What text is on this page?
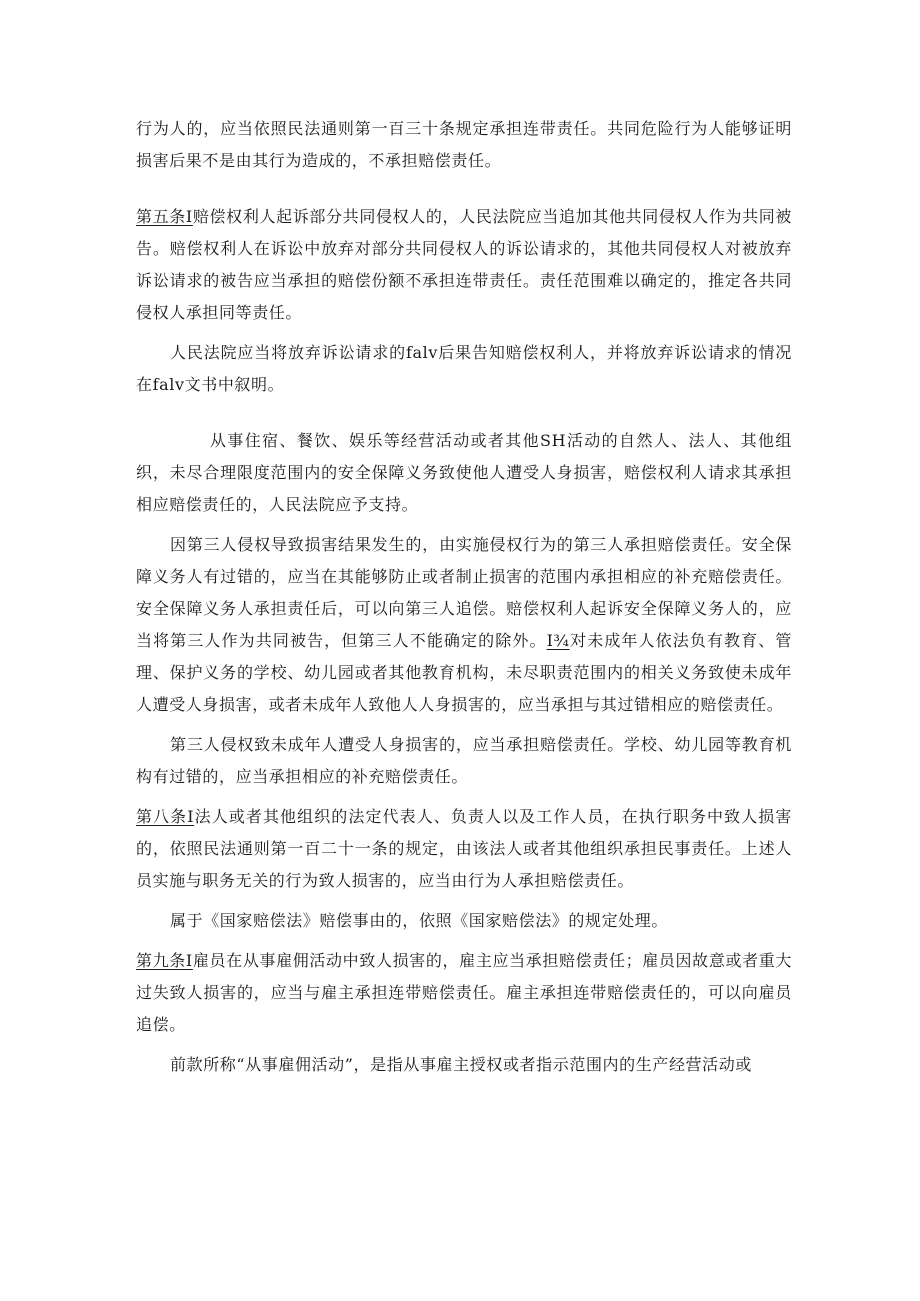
行为人的，应当依照民法通则第一百三十条规定承担连带责任。共同危险行为人能够证明损害后果不是由其行为造成的，不承担赔偿责任。

第五条I赔偿权利人起诉部分共同侵权人的，人民法院应当追加其他共同侵权人作为共同被告。赔偿权利人在诉讼中放弃对部分共同侵权人的诉讼请求的，其他共同侵权人对被放弃诉讼请求的被告应当承担的赔偿份额不承担连带责任。责任范围难以确定的，推定各共同侵权人承担同等责任。

人民法院应当将放弃诉讼请求的falv后果告知赔偿权利人，并将放弃诉讼请求的情况在falv文书中叙明。

从事住宿、餐饮、娱乐等经营活动或者其他SH活动的自然人、法人、其他组织，未尽合理限度范围内的安全保障义务致使他人遭受人身损害，赔偿权利人请求其承担相应赔偿责任的，人民法院应予支持。

因第三人侵权导致损害结果发生的，由实施侵权行为的第三人承担赔偿责任。安全保障义务人有过错的，应当在其能够防止或者制止损害的范围内承担相应的补充赔偿责任。安全保障义务人承担责任后，可以向第三人追偿。赔偿权利人起诉安全保障义务人的，应当将第三人作为共同被告，但第三人不能确定的除外。I¾对未成年人依法负有教育、管理、保护义务的学校、幼儿园或者其他教育机构，未尽职责范围内的相关义务致使未成年人遭受人身损害，或者未成年人致他人人身损害的，应当承担与其过错相应的赔偿责任。

第三人侵权致未成年人遭受人身损害的，应当承担赔偿责任。学校、幼儿园等教育机构有过错的，应当承担相应的补充赔偿责任。

第八条I法人或者其他组织的法定代表人、负责人以及工作人员，在执行职务中致人损害的，依照民法通则第一百二十一条的规定，由该法人或者其他组织承担民事责任。上述人员实施与职务无关的行为致人损害的，应当由行为人承担赔偿责任。

属于《国家赔偿法》赔偿事由的，依照《国家赔偿法》的规定处理。

第九条I雇员在从事雇佣活动中致人损害的，雇主应当承担赔偿责任；雇员因故意或者重大过失致人损害的，应当与雇主承担连带赔偿责任。雇主承担连带赔偿责任的，可以向雇员追偿。

前款所称“从事雇佣活动”，是指从事雇主授权或者指示范围内的生产经营活动或
